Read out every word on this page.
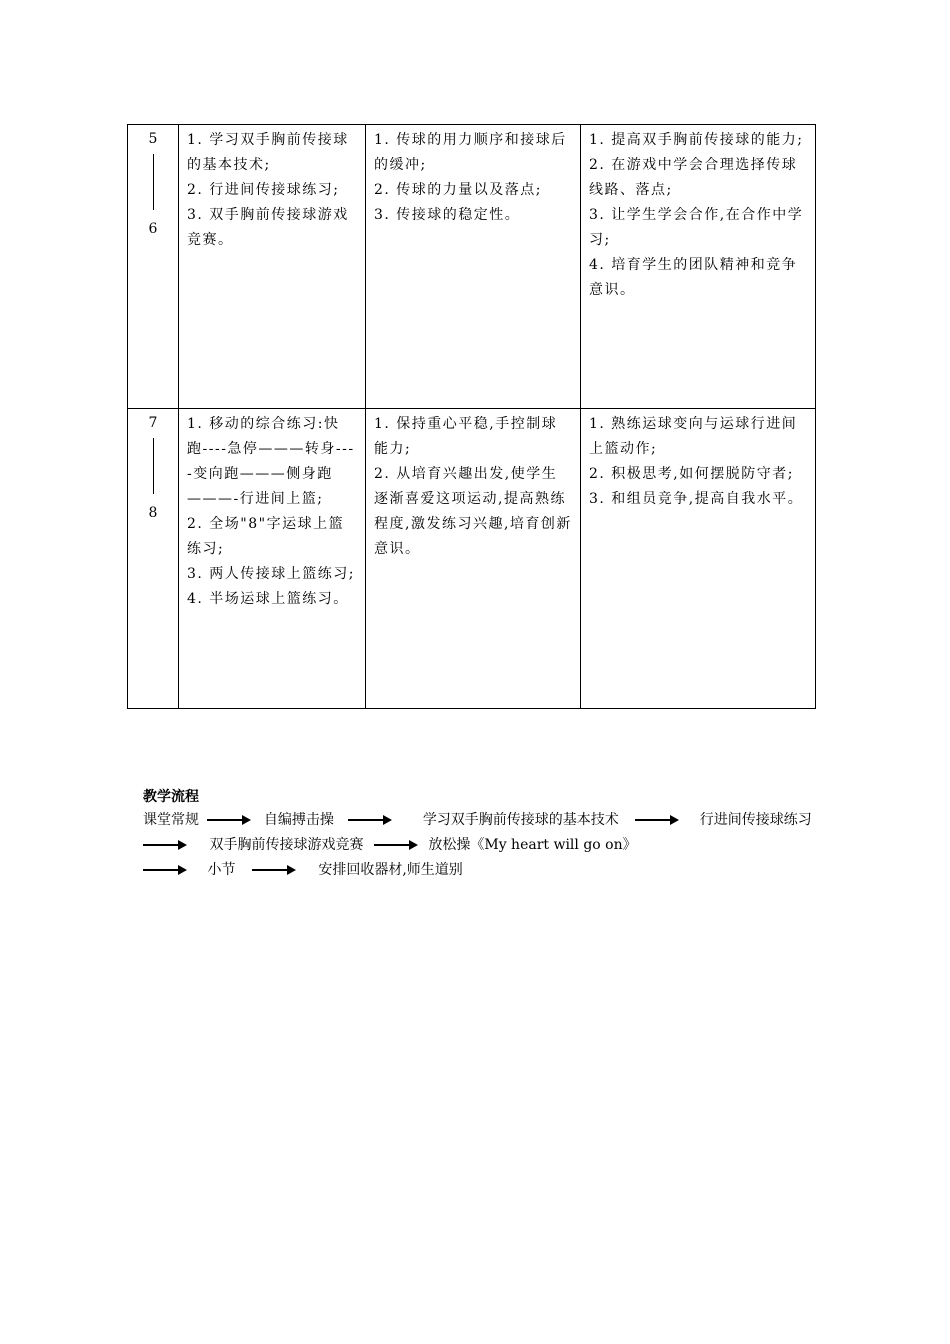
5
6	1. 学习双手胸前传接球的基本技术;
2. 行进间传接球练习;
3. 双手胸前传接球游戏竞赛。	1. 传球的用力顺序和接球后的缓冲;
2. 传球的力量以及落点;
3. 传接球的稳定性。	1. 提高双手胸前传接球的能力;
2. 在游戏中学会合理选择传球线路、落点;
3. 让学生学会合作,在合作中学习;
4. 培育学生的团队精神和竞争意识。

7
8	1. 移动的综合练习:快跑----急停———转身----变向跑———侧身跑———-行进间上篮;
2. 全场"8"字运球上篮练习;
3. 两人传接球上篮练习;
4. 半场运球上篮练习。	1. 保持重心平稳,手控制球能力;
2. 从培育兴趣出发,使学生逐渐喜爱这项运动,提高熟练程度,激发练习兴趣,培育创新意识。	1. 熟练运球变向与运球行进间上篮动作;
2. 积极思考,如何摆脱防守者;
3. 和组员竞争,提高自我水平。
教学流程
课堂常规	自编搏击操	学习双手胸前传接球的基本技术	行进间传接球练习
双手胸前传接球游戏竞赛	放松操《My heart will go on》
小节	安排回收器材,师生道别
